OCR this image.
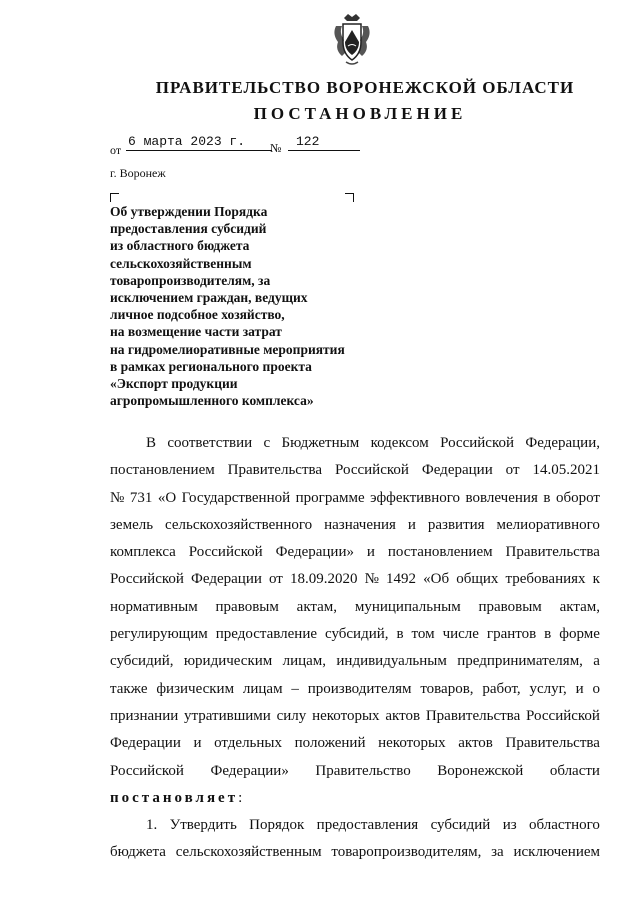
ПРАВИТЕЛЬСТВО ВОРОНЕЖСКОЙ ОБЛАСТИ
ПОСТАНОВЛЕНИЕ
от
6 марта 2023 г.	№	122
г. Воронеж
Об утверждении Порядка
предоставления субсидий
из областного бюджета
сельскохозяйственным
товаропроизводителям, за
исключением граждан, ведущих
личное подсобное хозяйство,
на возмещение части затрат
на гидромелиоративные мероприятия
в рамках регионального проекта
«Экспорт продукции
агропромышленного комплекса»
В соответствии с Бюджетным кодексом Российской Федерации,
постановлением Правительства Российской Федерации от 14.05.2021
№ 731 «О Государственной программе эффективного вовлечения в оборот
земель сельскохозяйственного назначения и развития мелиоративного
комплекса Российской Федерации» и постановлением Правительства
Российской Федерации от 18.09.2020 № 1492 «Об общих требованиях к
нормативным правовым актам, муниципальным правовым актам,
регулирующим предоставление субсидий, в том числе грантов в форме
субсидий, юридическим лицам, индивидуальным предпринимателям, а
также физическим лицам – производителям товаров, работ, услуг, и о
признании утратившими силу некоторых актов Правительства Российской
Федерации и отдельных положений некоторых актов Правительства
Российской Федерации» Правительство Воронежской области
постановляет :
1. Утвердить Порядок предоставления субсидий из областного
бюджета сельскохозяйственным товаропроизводителям, за исключением
